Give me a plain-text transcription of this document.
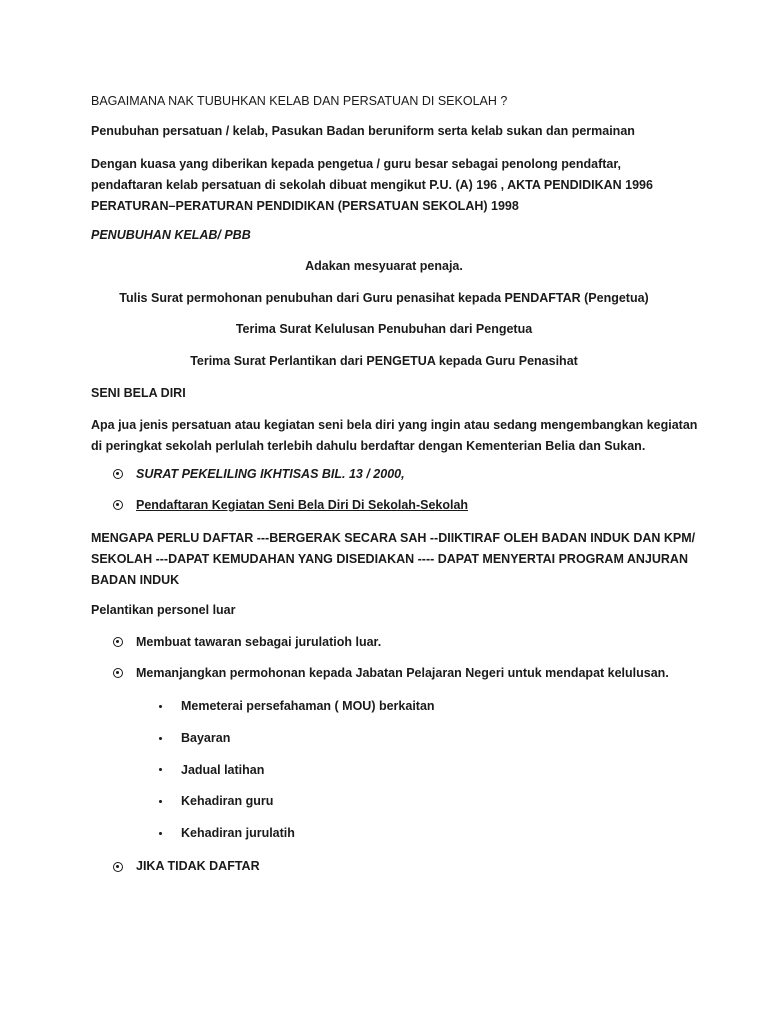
BAGAIMANA NAK TUBUHKAN KELAB DAN PERSATUAN DI SEKOLAH ?
Penubuhan persatuan / kelab, Pasukan Badan beruniform serta kelab sukan dan permainan
Dengan kuasa yang diberikan kepada pengetua / guru besar sebagai penolong pendaftar,
pendaftaran kelab persatuan di sekolah dibuat mengikut P.U. (A) 196 , AKTA PENDIDIKAN 1996
PERATURAN–PERATURAN PENDIDIKAN (PERSATUAN SEKOLAH) 1998
PENUBUHAN KELAB/ PBB
Adakan mesyuarat penaja.
Tulis Surat permohonan penubuhan dari Guru penasihat kepada PENDAFTAR (Pengetua)
Terima Surat Kelulusan Penubuhan dari Pengetua
Terima Surat Perlantikan dari PENGETUA kepada Guru Penasihat
SENI BELA DIRI
Apa jua jenis persatuan atau kegiatan seni bela diri yang ingin atau sedang mengembangkan kegiatan
di peringkat sekolah perlulah terlebih dahulu berdaftar dengan Kementerian Belia dan Sukan.
SURAT PEKELILING IKHTISAS BIL. 13 / 2000,
Pendaftaran Kegiatan Seni Bela Diri Di Sekolah-Sekolah
MENGAPA PERLU DAFTAR ---BERGERAK SECARA SAH --DIIKTIRAF OLEH BADAN INDUK DAN KPM/
SEKOLAH ---DAPAT KEMUDAHAN YANG DISEDIAKAN ---- DAPAT MENYERTAI PROGRAM ANJURAN
BADAN INDUK
Pelantikan personel luar
Membuat tawaran sebagai jurulatioh luar.
Memanjangkan permohonan kepada Jabatan Pelajaran Negeri untuk mendapat kelulusan.
Memeterai persefahaman ( MOU) berkaitan
Bayaran
Jadual latihan
Kehadiran guru
Kehadiran jurulatih
JIKA TIDAK DAFTAR
